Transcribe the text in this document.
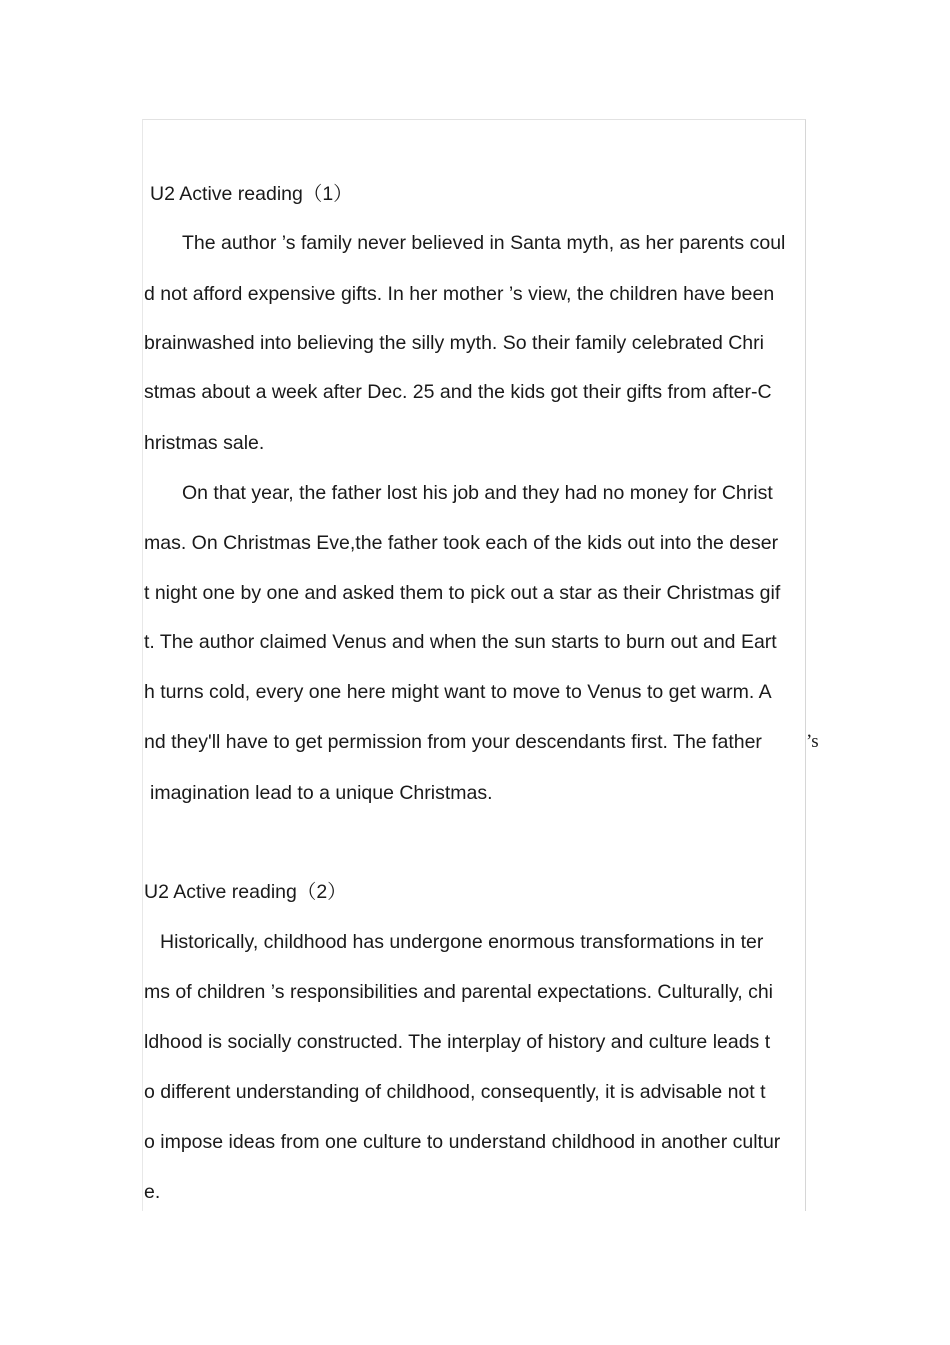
U2 Active reading（1）
The author ’s family never believed in Santa myth, as her parents coul
d not afford expensive gifts. In her mother ’s view, the children have been
brainwashed into believing the silly myth. So their family celebrated Chri
stmas about a week after Dec. 25 and the kids got their gifts from after-C
hristmas sale.
On that year, the father lost his job and they had no money for Christ
mas. On Christmas Eve,the father took each of the kids out into the deser
t night one by one and asked them to pick out a star as their Christmas gif
t. The author claimed Venus and when the sun starts to burn out and Eart
h turns cold, every one here might want to move to Venus to get warm. A
nd they'll have to get permission from your descendants first. The father ’s
imagination lead to a unique Christmas.
U2 Active reading（2）
Historically, childhood has undergone enormous transformations in ter
ms of children ’s responsibilities and parental expectations. Culturally, chi
ldhood is socially constructed. The interplay of history and culture leads t
o different understanding of childhood, consequently, it is advisable not t
o impose ideas from one culture to understand childhood in another cultur
e.
